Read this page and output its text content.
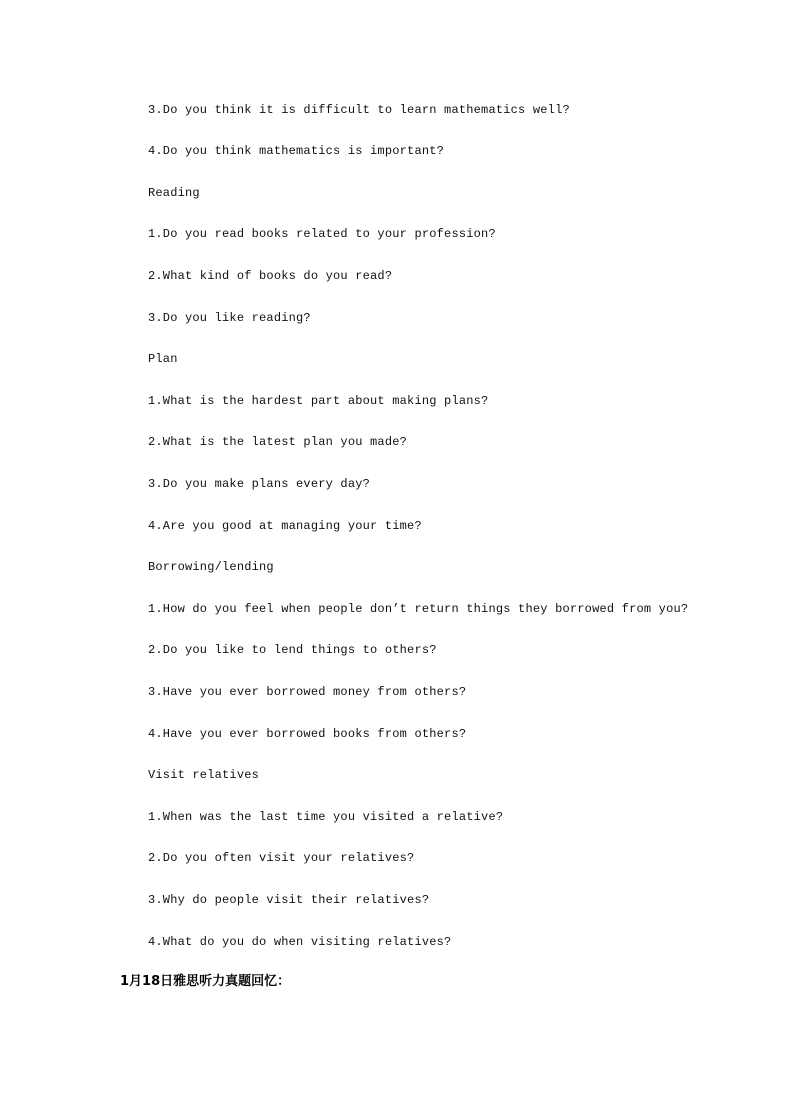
3.Do you think it is difficult to learn mathematics well?

4.Do you think mathematics is important?

Reading

1.Do you read books related to your profession?

2.What kind of books do you read?

3.Do you like reading?

Plan

1.What is the hardest part about making plans?

2.What is the latest plan you made?

3.Do you make plans every day?

4.Are you good at managing your time?

Borrowing/lending

1.How do you feel when people don’t return things they borrowed from you?

2.Do you like to lend things to others?

3.Have you ever borrowed money from others?

4.Have you ever borrowed books from others?

Visit relatives

1.When was the last time you visited a relative?

2.Do you often visit your relatives?

3.Why do people visit their relatives?

4.What do you do when visiting relatives?

1月18日雅思听力真题回忆：
